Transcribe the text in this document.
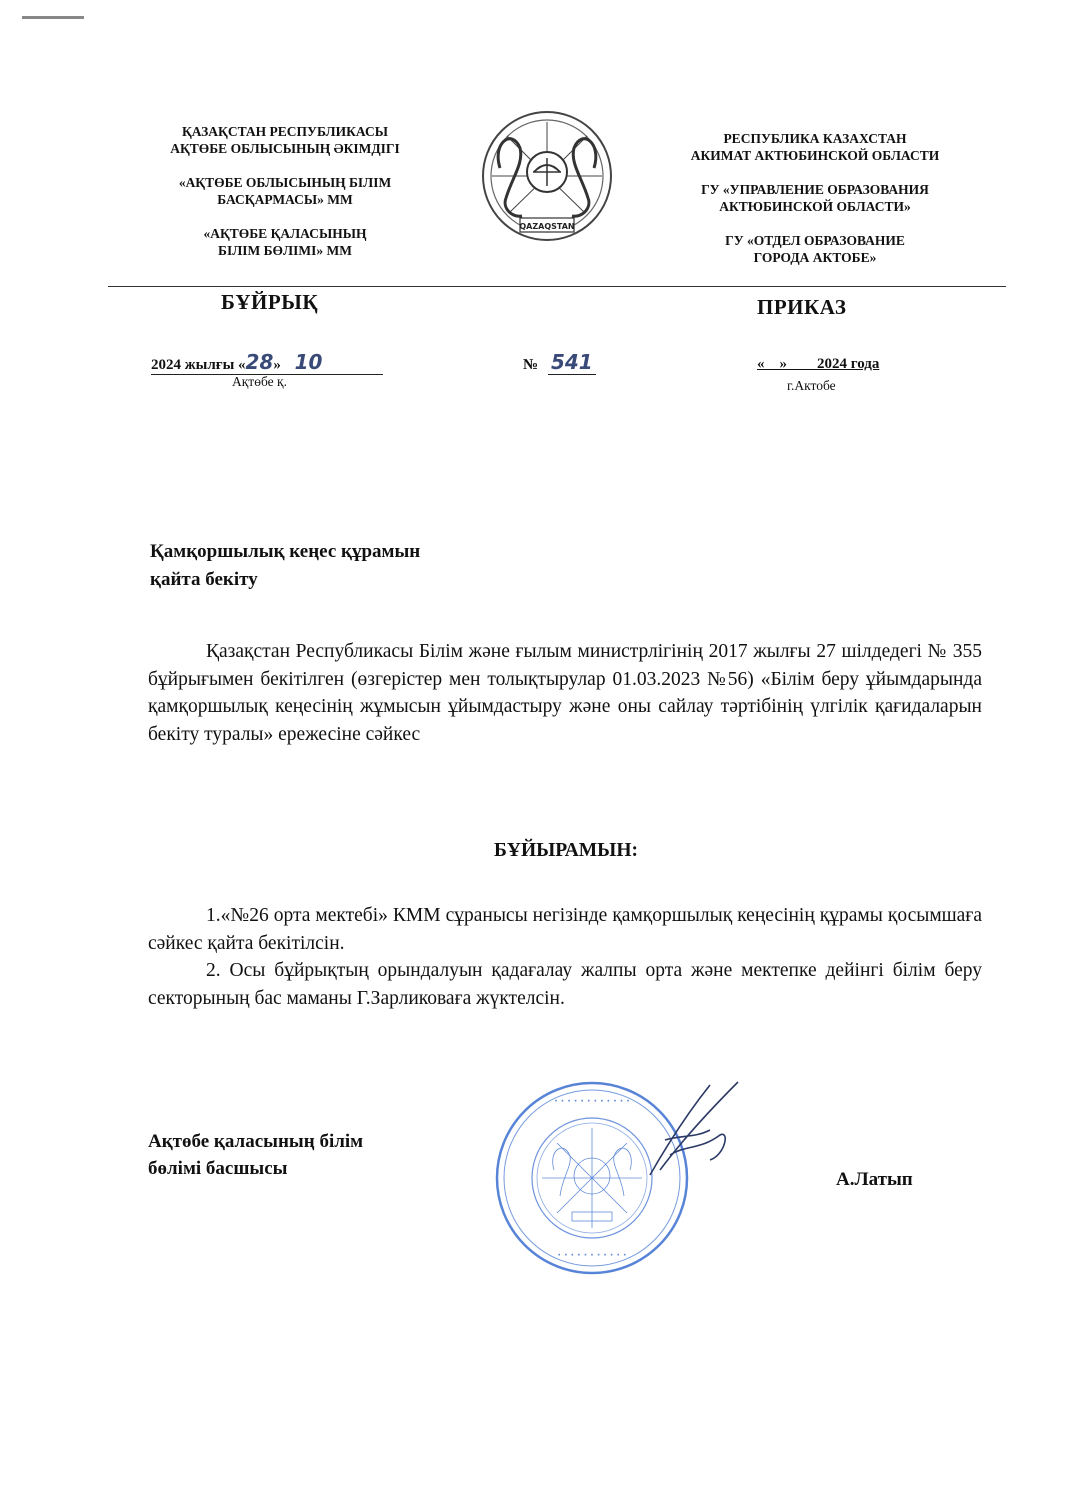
ҚАЗАҚСТАН РЕСПУБЛИКАСЫ
АҚТӨБЕ ОБЛЫСЫНЫҢ ӘКІМДІГІ
«АҚТӨБЕ ОБЛЫСЫНЫҢ БІЛІМ
БАСҚАРМАСЫ» ММ
«АҚТӨБЕ ҚАЛАСЫНЫҢ
БІЛІМ БӨЛІМІ» ММ
QAZAQSTAN
РЕСПУБЛИКА КАЗАХСТАН
АКИМАТ АКТЮБИНСКОЙ ОБЛАСТИ
ГУ «УПРАВЛЕНИЕ ОБРАЗОВАНИЯ
АКТЮБИНСКОЙ ОБЛАСТИ»
ГУ «ОТДЕЛ ОБРАЗОВАНИЕ
ГОРОДА АКТОБЕ»
БҰЙРЫҚ	ПРИКАЗ
2024 жылғы «28» 10
Ақтөбе қ.
№ 541	«    »        2024 года
г.Актобе
Қамқоршылық кеңес құрамын
қайта бекіту

Қазақстан Республикасы Білім және ғылым министрлігінің 2017 жылғы 27 шілдедегі № 355 бұйрығымен бекітілген (өзгерістер мен толықтырулар 01.03.2023 №56) «Білім беру ұйымдарында қамқоршылық кеңесінің жұмысын ұйымдастыру және оны сайлау тәртібінің үлгілік қағидаларын бекіту туралы» ережесіне сәйкес

БҰЙЫРАМЫН:

1.«№26 орта мектебі» КММ сұранысы негізінде қамқоршылық кеңесінің құрамы қосымшаға сәйкес қайта бекітілсін.

2. Осы бұйрықтың орындалуын қадағалау жалпы орта және мектепке дейінгі білім беру секторының бас маманы Г.Зарликоваға жүктелсін.

Ақтөбе қаласының білім
бөлімі басшысы
А.Латып
· · · · · · · · · · · ·
· · · · · · · · · · ·
